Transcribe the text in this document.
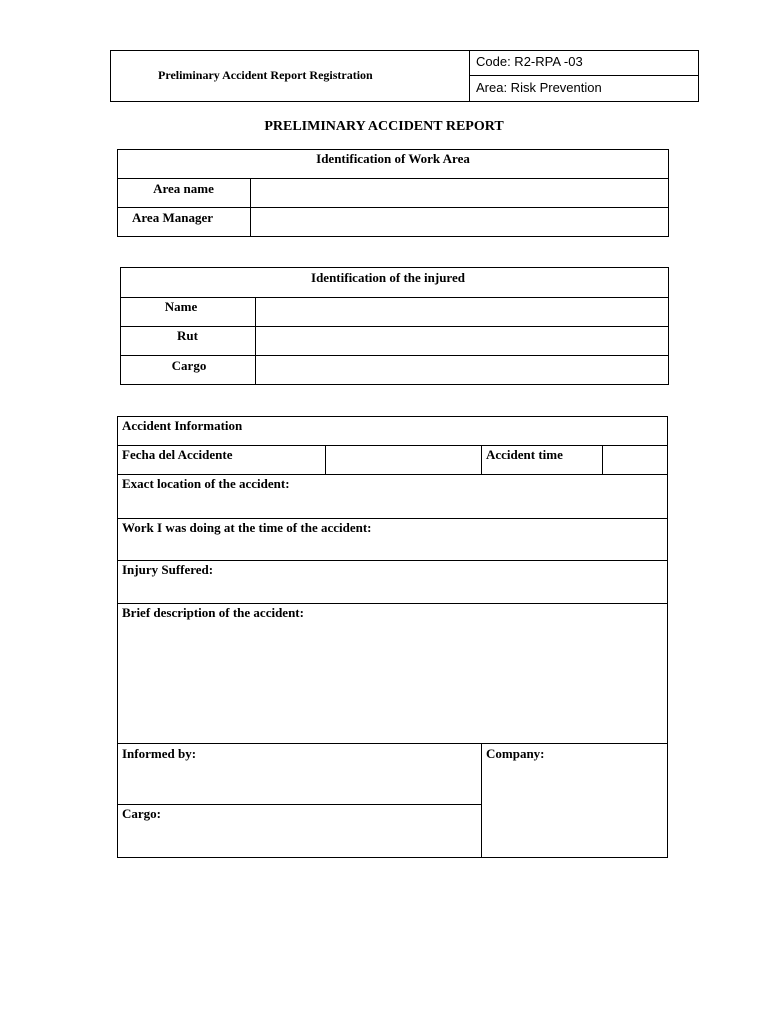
Preliminary Accident Report Registration
Code: R2-RPA -03
Area: Risk Prevention
PRELIMINARY ACCIDENT REPORT
Identification of Work Area
Area name
Area Manager
Identification of the injured
Name
Rut
Cargo
Accident Information
Fecha del Accidente	Accident time
Exact location of the accident:
Work I was doing at the time of the accident:
Injury Suffered:
Brief description of the accident:
Informed by:	Company:
Cargo:
